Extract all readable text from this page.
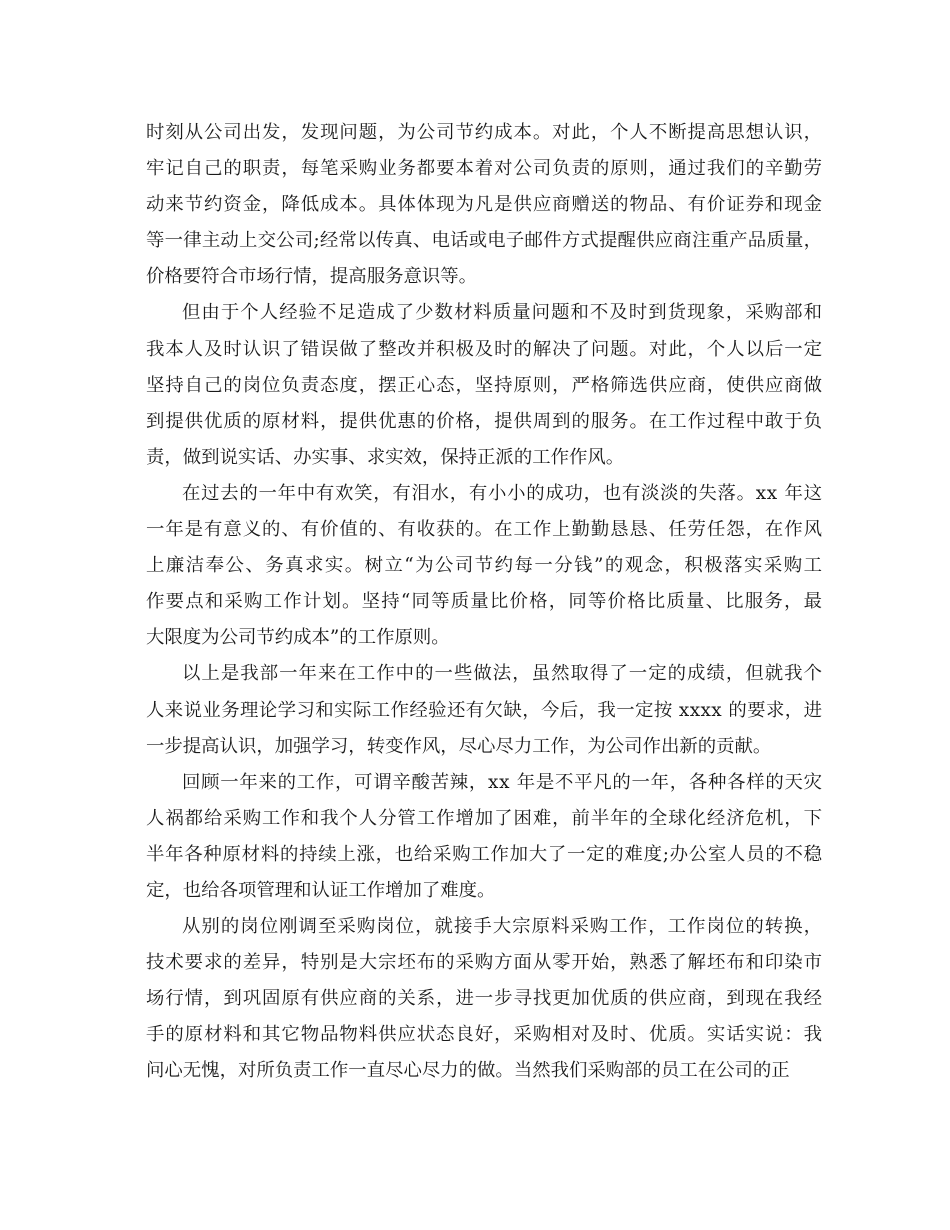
时刻从公司出发，发现问题，为公司节约成本。对此，个人不断提高思想认识，
牢记自己的职责，每笔采购业务都要本着对公司负责的原则，通过我们的辛勤劳
动来节约资金，降低成本。具体体现为凡是供应商赠送的物品、有价证券和现金
等一律主动上交公司;经常以传真、电话或电子邮件方式提醒供应商注重产品质量，
价格要符合市场行情，提高服务意识等。
但由于个人经验不足造成了少数材料质量问题和不及时到货现象，采购部和
我本人及时认识了错误做了整改并积极及时的解决了问题。对此，个人以后一定
坚持自己的岗位负责态度，摆正心态，坚持原则，严格筛选供应商，使供应商做
到提供优质的原材料，提供优惠的价格，提供周到的服务。在工作过程中敢于负
责，做到说实话、办实事、求实效，保持正派的工作作风。
在过去的一年中有欢笑，有泪水，有小小的成功，也有淡淡的失落。xx 年这
一年是有意义的、有价值的、有收获的。在工作上勤勤恳恳、任劳任怨，在作风
上廉洁奉公、务真求实。树立“为公司节约每一分钱”的观念，积极落实采购工
作要点和采购工作计划。坚持“同等质量比价格，同等价格比质量、比服务，最
大限度为公司节约成本”的工作原则。
以上是我部一年来在工作中的一些做法，虽然取得了一定的成绩，但就我个
人来说业务理论学习和实际工作经验还有欠缺，今后，我一定按 xxxx 的要求，进
一步提高认识，加强学习，转变作风，尽心尽力工作，为公司作出新的贡献。
回顾一年来的工作，可谓辛酸苦辣，xx 年是不平凡的一年，各种各样的天灾
人祸都给采购工作和我个人分管工作增加了困难，前半年的全球化经济危机，下
半年各种原材料的持续上涨，也给采购工作加大了一定的难度;办公室人员的不稳
定，也给各项管理和认证工作增加了难度。
从别的岗位刚调至采购岗位，就接手大宗原料采购工作，工作岗位的转换，
技术要求的差异，特别是大宗坯布的采购方面从零开始，熟悉了解坯布和印染市
场行情，到巩固原有供应商的关系，进一步寻找更加优质的供应商，到现在我经
手的原材料和其它物品物料供应状态良好，采购相对及时、优质。实话实说：我
问心无愧，对所负责工作一直尽心尽力的做。当然我们采购部的员工在公司的正
